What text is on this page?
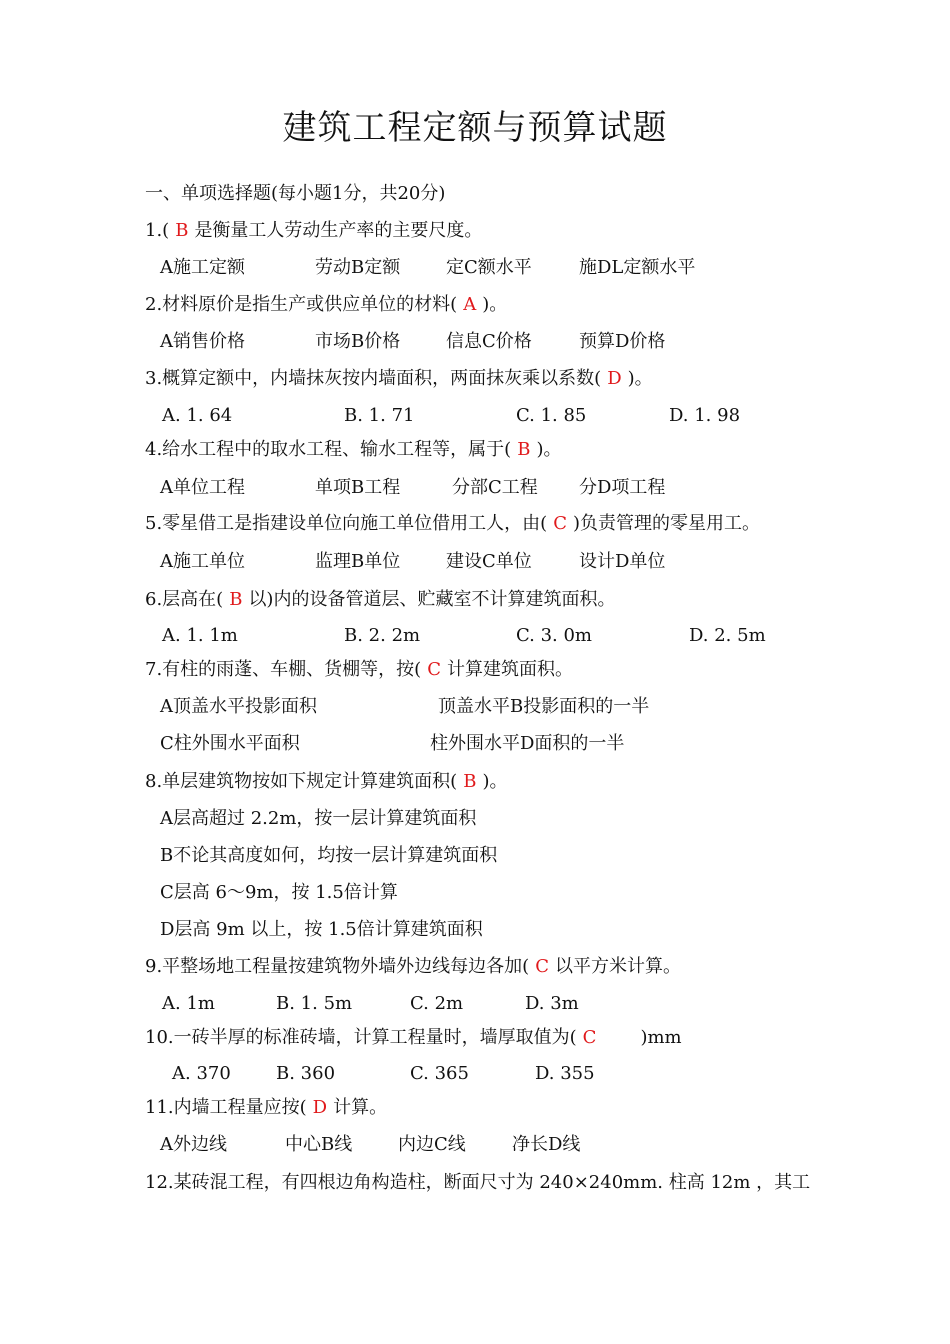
建筑工程定额与预算试题
一、单项选择题(每小题1分，共20分)
1.( B 是衡量工人劳动生产率的主要尺度。
A施工定额	劳动B定额	定C额水平	施DL定额水平
2.材料原价是指生产或供应单位的材料( A )。
A销售价格	市场B价格	信息C价格	预算D价格
3.概算定额中，内墙抹灰按内墙面积，两面抹灰乘以系数( D )。
A. 1. 64	B. 1. 71	C. 1. 85	D. 1. 98
4.给水工程中的取水工程、输水工程等，属于( B )。
A单位工程	单项B工程	分部C工程 分D项工程
5.零星借工是指建设单位向施工单位借用工人，由( C )负责管理的零星用工。
A施工单位	监理B单位	建设C单位	设计D单位
6.层高在( B 以)内的设备管道层、贮藏室不计算建筑面积。
A. 1. 1m	B. 2. 2m	C. 3. 0m	D. 2. 5m
7.有柱的雨蓬、车棚、货棚等，按( C 计算建筑面积。
A顶盖水平投影面积	顶盖水平B投影面积的一半
C柱外围水平面积	柱外围水平D面积的一半
8.单层建筑物按如下规定计算建筑面积( B )。
A层高超过 2.2m，按一层计算建筑面积
B不论其高度如何，均按一层计算建筑面积
C层高 6～9m，按 1.5倍计算
D层高 9m 以上，按 1.5倍计算建筑面积
9.平整场地工程量按建筑物外墙外边线每边各加( C 以平方米计算。
A. 1m	B. 1. 5m	C. 2m	D. 3m
10.一砖半厚的标准砖墙，计算工程量时，墙厚取值为( C )mm
A. 370	B. 360	C. 365	D. 355
11.内墙工程量应按( D 计算。
A外边线	中心B线	内边C线	净长D线
12.某砖混工程，有四根边角构造柱，断面尺寸为 240×240mm. 柱高 12m ，其工
